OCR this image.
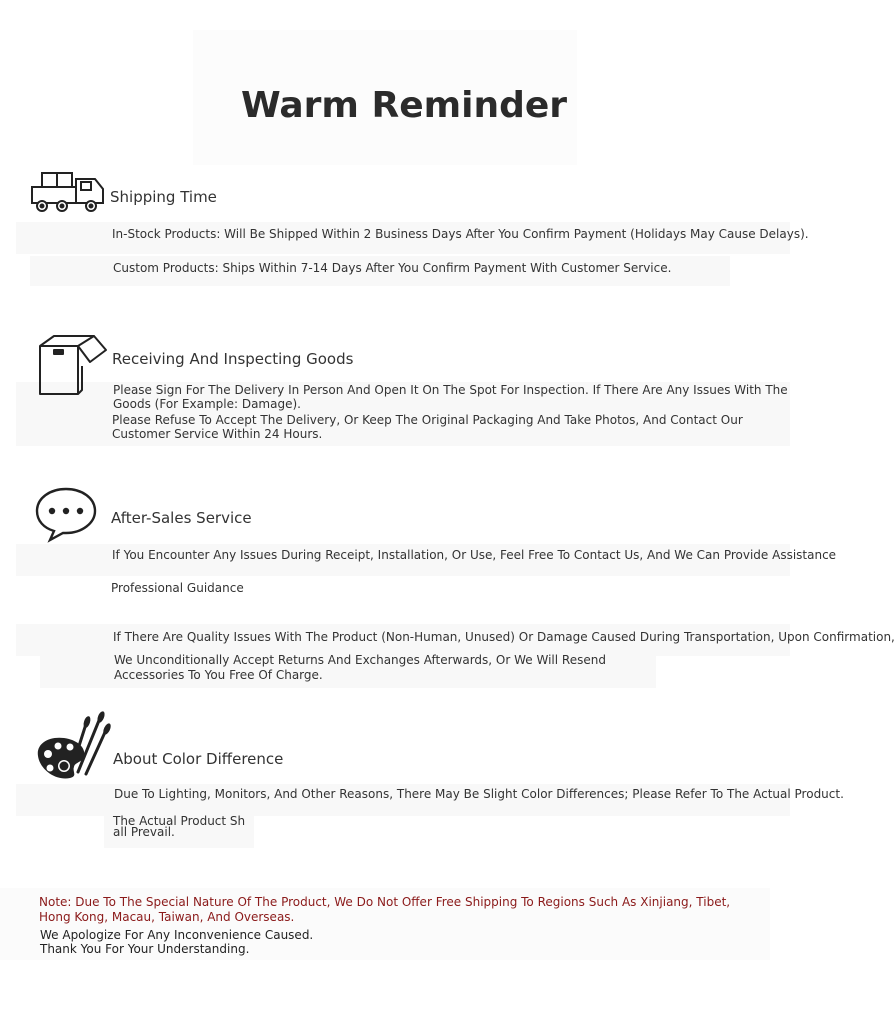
Warm Reminder
Shipping Time
In-Stock Products: Will Be Shipped Within 2 Business Days After You Confirm Payment (Holidays May Cause Delays).
Custom Products: Ships Within 7-14 Days After You Confirm Payment With Customer Service.
Receiving And Inspecting Goods
Please Sign For The Delivery In Person And Open It On The Spot For Inspection. If There Are Any Issues With The
Goods (For Example: Damage).
Please Refuse To Accept The Delivery, Or Keep The Original Packaging And Take Photos, And Contact Our
Customer Service Within 24 Hours.
After-Sales Service
If You Encounter Any Issues During Receipt, Installation, Or Use, Feel Free To Contact Us, And We Can Provide Assistance
Professional Guidance
If There Are Quality Issues With The Product (Non-Human, Unused) Or Damage Caused During Transportation, Upon Confirmation,
We Unconditionally Accept Returns And Exchanges Afterwards, Or We Will Resend
Accessories To You Free Of Charge.
About Color Difference
Due To Lighting, Monitors, And Other Reasons, There May Be Slight Color Differences; Please Refer To The Actual Product.
The Actual Product Sh
all Prevail.
Note: Due To The Special Nature Of The Product, We Do Not Offer Free Shipping To Regions Such As Xinjiang, Tibet, Hong Kong, Macau, Taiwan, And Overseas.
We Apologize For Any Inconvenience Caused.
Thank You For Your Understanding.
